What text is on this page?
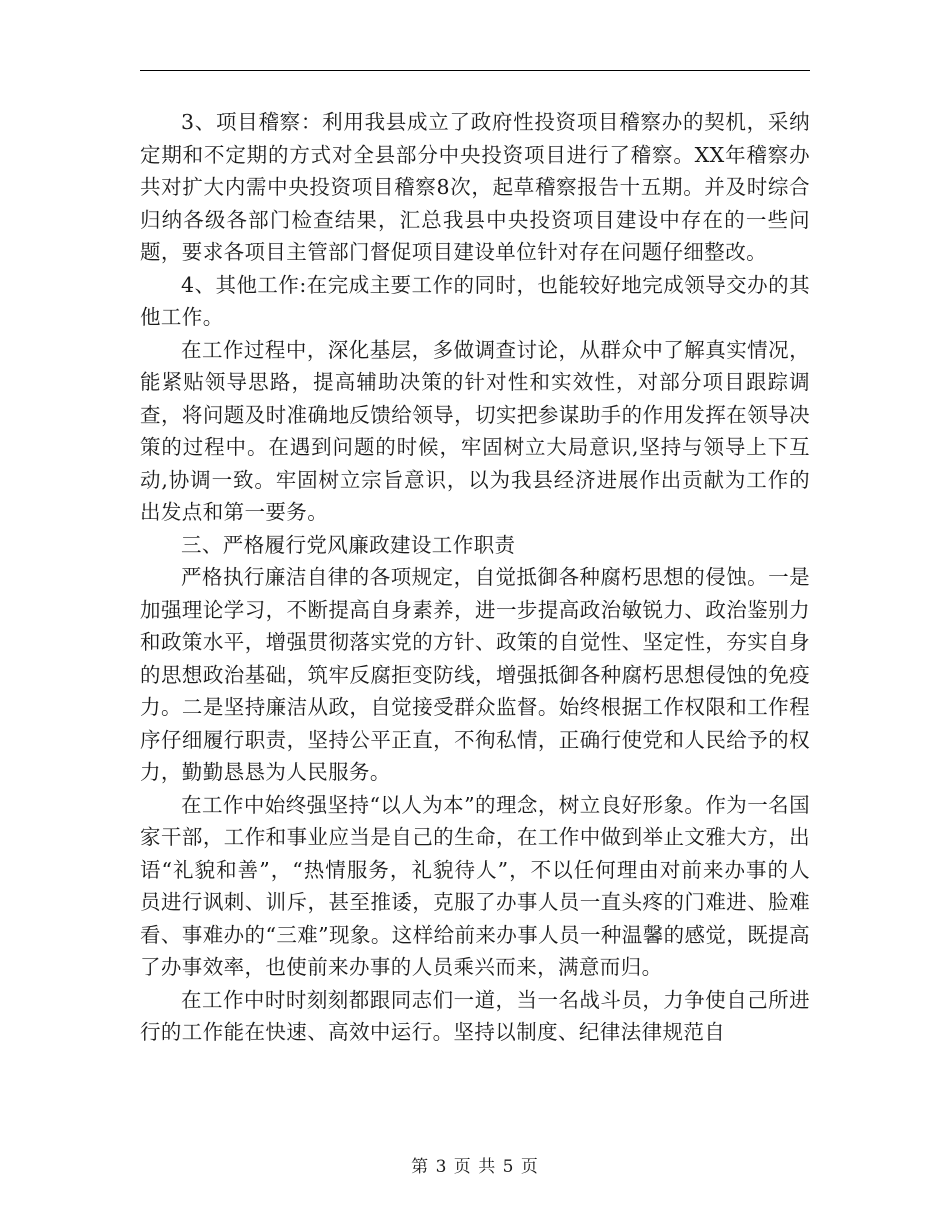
3、项目稽察：利用我县成立了政府性投资项目稽察办的契机，采纳定期和不定期的方式对全县部分中央投资项目进行了稽察。XX年稽察办共对扩大内需中央投资项目稽察8次，起草稽察报告十五期。并及时综合归纳各级各部门检查结果，汇总我县中央投资项目建设中存在的一些问题，要求各项目主管部门督促项目建设单位针对存在问题仔细整改。

4、其他工作:在完成主要工作的同时，也能较好地完成领导交办的其他工作。

在工作过程中，深化基层，多做调查讨论，从群众中了解真实情况，能紧贴领导思路，提高辅助决策的针对性和实效性，对部分项目跟踪调查，将问题及时准确地反馈给领导，切实把参谋助手的作用发挥在领导决策的过程中。在遇到问题的时候，牢固树立大局意识,坚持与领导上下互动,协调一致。牢固树立宗旨意识，以为我县经济进展作出贡献为工作的出发点和第一要务。

三、严格履行党风廉政建设工作职责

严格执行廉洁自律的各项规定，自觉抵御各种腐朽思想的侵蚀。一是加强理论学习，不断提高自身素养，进一步提高政治敏锐力、政治鉴别力和政策水平，增强贯彻落实党的方针、政策的自觉性、坚定性，夯实自身的思想政治基础，筑牢反腐拒变防线，增强抵御各种腐朽思想侵蚀的免疫力。二是坚持廉洁从政，自觉接受群众监督。始终根据工作权限和工作程序仔细履行职责，坚持公平正直，不徇私情，正确行使党和人民给予的权力，勤勤恳恳为人民服务。

在工作中始终强坚持“以人为本”的理念，树立良好形象。作为一名国家干部，工作和事业应当是自己的生命，在工作中做到举止文雅大方，出语“礼貌和善”，“热情服务，礼貌待人”，不以任何理由对前来办事的人员进行讽刺、训斥，甚至推诿，克服了办事人员一直头疼的门难进、脸难看、事难办的“三难”现象。这样给前来办事人员一种温馨的感觉，既提高了办事效率，也使前来办事的人员乘兴而来，满意而归。

在工作中时时刻刻都跟同志们一道，当一名战斗员，力争使自己所进行的工作能在快速、高效中运行。坚持以制度、纪律法律规范自

第 3 页 共 5 页
